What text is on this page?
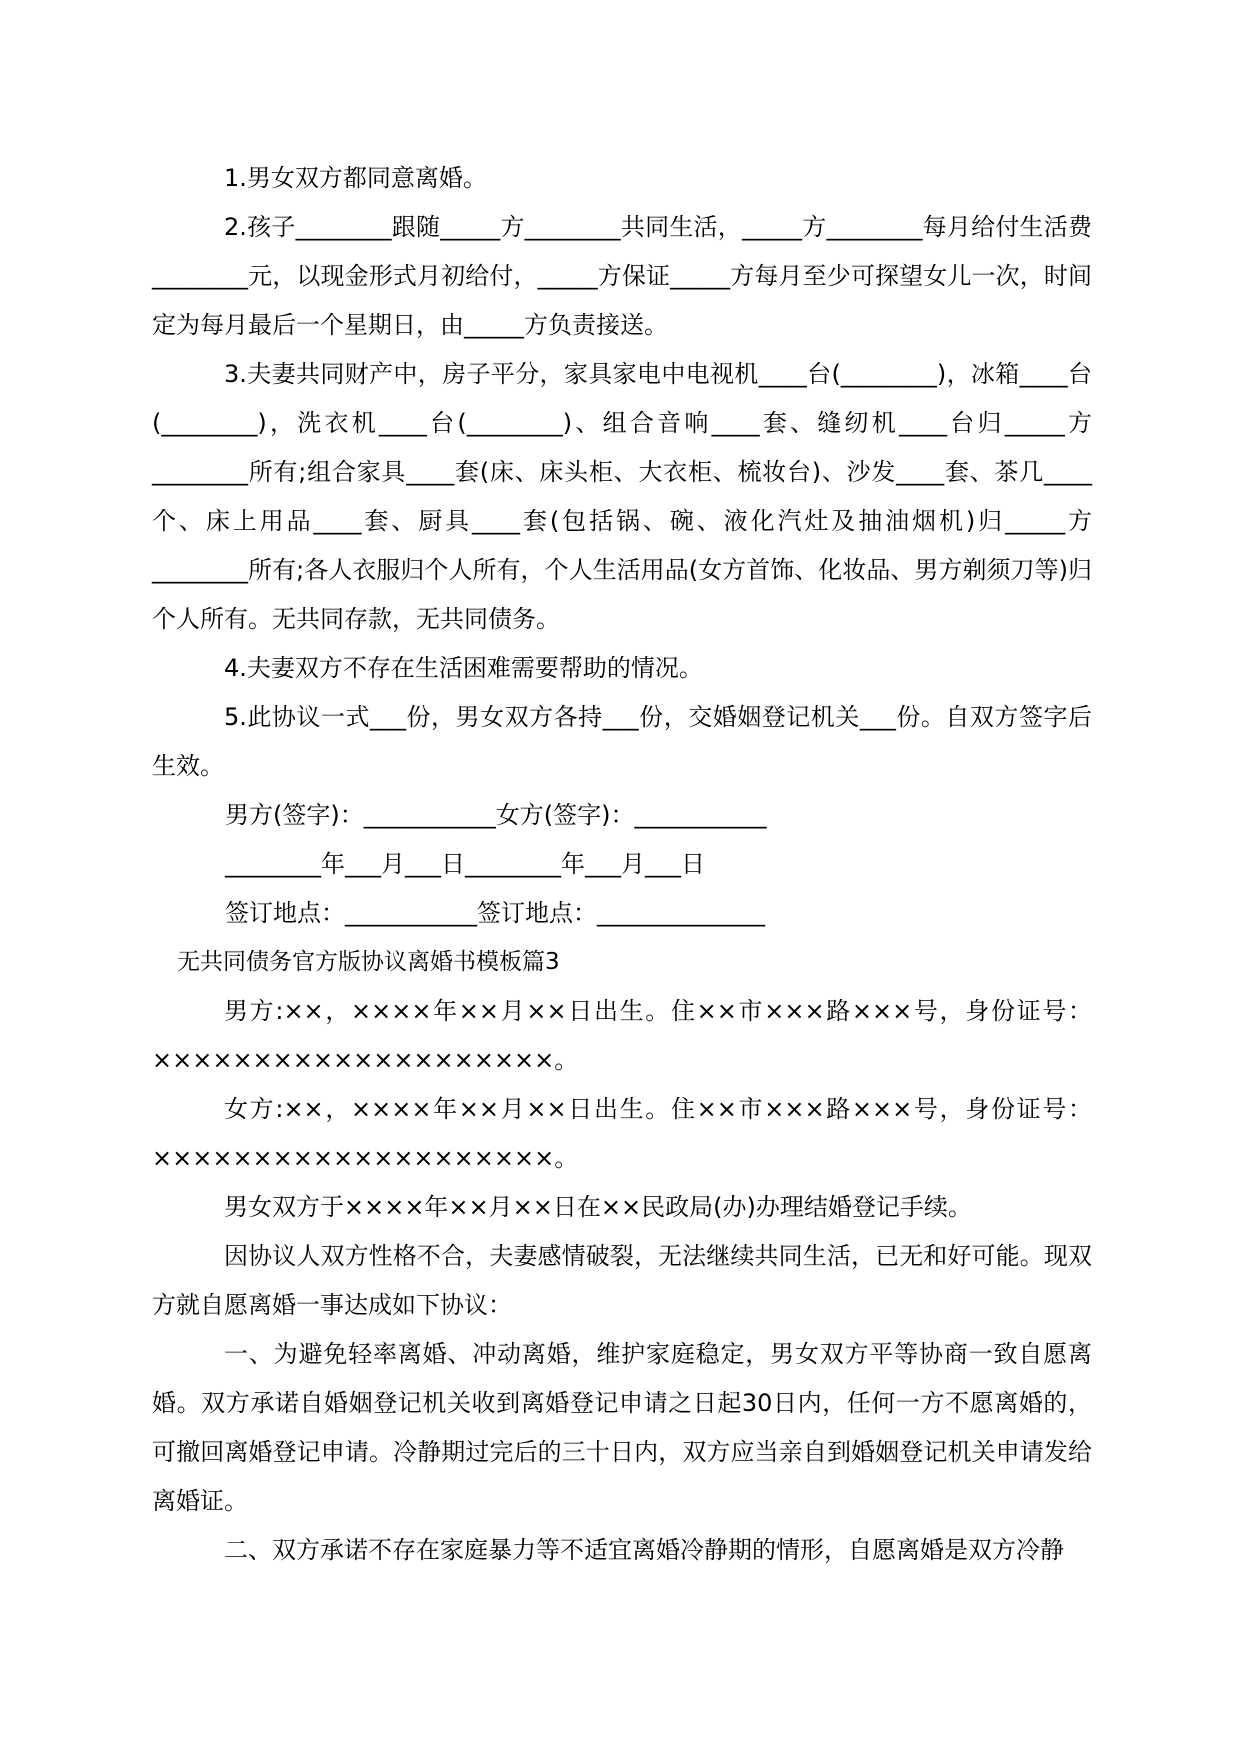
1.男女双方都同意离婚。

2.孩子________跟随_____方________共同生活，_____方________每月给付生活费________元，以现金形式月初给付，_____方保证_____方每月至少可探望女儿一次，时间定为每月最后一个星期日，由_____方负责接送。

3.夫妻共同财产中，房子平分，家具家电中电视机____台(________)，冰箱____台(________)，洗衣机____台(________)、组合音响____套、缝纫机____台归_____方________所有;组合家具____套(床、床头柜、大衣柜、梳妆台)、沙发____套、茶几____个、床上用品____套、厨具____套(包括锅、碗、液化汽灶及抽油烟机)归_____方________所有;各人衣服归个人所有，个人生活用品(女方首饰、化妆品、男方剃须刀等)归个人所有。无共同存款，无共同债务。

4.夫妻双方不存在生活困难需要帮助的情况。

5.此协议一式___份，男女双方各持___份，交婚姻登记机关___份。自双方签字后生效。

男方(签字)：___________女方(签字)：___________

________年___月___日________年___月___日

签订地点：___________签订地点：______________

无共同债务官方版协议离婚书模板篇3

男方:××，××××年××月××日出生。住××市×××路×××号，身份证号：××××××××××××××××××××。

女方:××，××××年××月××日出生。住××市×××路×××号，身份证号：××××××××××××××××××××。

男女双方于××××年××月××日在××民政局(办)办理结婚登记手续。

因协议人双方性格不合，夫妻感情破裂，无法继续共同生活，已无和好可能。现双方就自愿离婚一事达成如下协议：

一、为避免轻率离婚、冲动离婚，维护家庭稳定，男女双方平等协商一致自愿离婚。双方承诺自婚姻登记机关收到离婚登记申请之日起30日内，任何一方不愿离婚的，可撤回离婚登记申请。冷静期过完后的三十日内，双方应当亲自到婚姻登记机关申请发给离婚证。

二、双方承诺不存在家庭暴力等不适宜离婚冷静期的情形，自愿离婚是双方冷静
